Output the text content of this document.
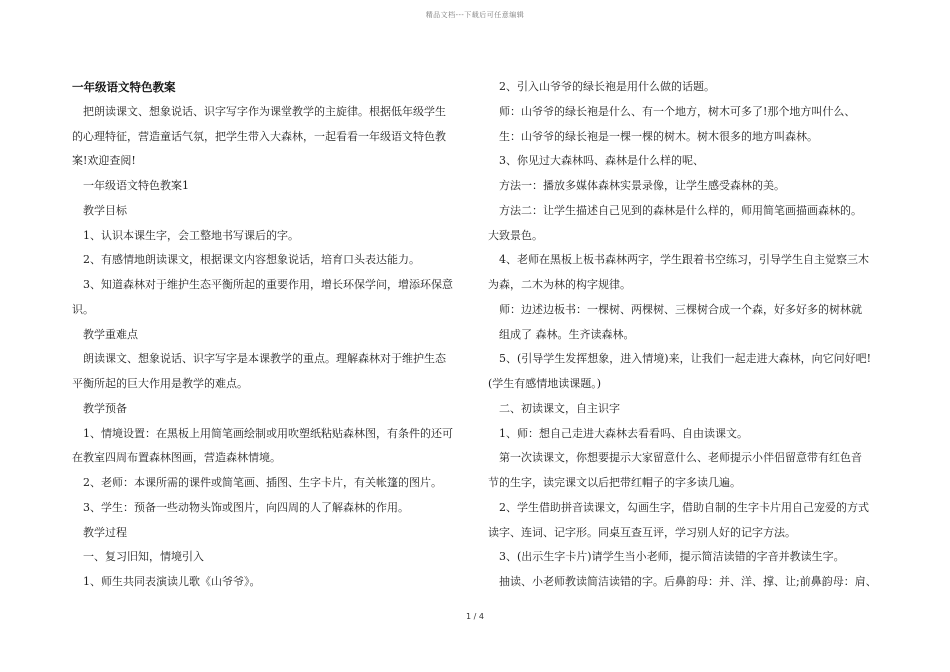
精品文档---下载后可任意编辑
一年级语文特色教案
把朗读课文、想象说话、识字写字作为课堂教学的主旋律。根据低年级学生
的心理特征，营造童话气氛，把学生带入大森林，一起看看一年级语文特色教
案!欢迎查阅!
一年级语文特色教案1
教学目标
1、认识本课生字，会工整地书写课后的字。
2、有感情地朗读课文，根据课文内容想象说话，培育口头表达能力。
3、知道森林对于维护生态平衡所起的重要作用，增长环保学问，增添环保意
识。
教学重难点
朗读课文、想象说话、识字写字是本课教学的重点。理解森林对于维护生态
平衡所起的巨大作用是教学的难点。
教学预备
1、情境设置：在黑板上用简笔画绘制或用吹塑纸粘贴森林图，有条件的还可
在教室四周布置森林图画，营造森林情境。
2、老师：本课所需的课件或简笔画、插图、生字卡片，有关帐篷的图片。
3、学生：预备一些动物头饰或图片，向四周的人了解森林的作用。
教学过程
一、复习旧知，情境引入
1、师生共同表演读儿歌《山爷爷》。
2、引入山爷爷的绿长袍是用什么做的话题。
师：山爷爷的绿长袍是什么、有一个地方，树木可多了!那个地方叫什么、
生：山爷爷的绿长袍是一棵一棵的树木。树木很多的地方叫森林。
3、你见过大森林吗、森林是什么样的呢、
方法一：播放多媒体森林实景录像，让学生感受森林的美。
方法二：让学生描述自己见到的森林是什么样的，师用简笔画描画森林的。
大致景色。
4、老师在黑板上板书森林两字，学生跟着书空练习，引导学生自主觉察三木
为森，二木为林的构字规律。
师：边述边板书：一棵树、两棵树、三棵树合成一个森，好多好多的树林就
组成了 森林。生齐读森林。
5、(引导学生发挥想象，进入情境)来，让我们一起走进大森林，向它问好吧!
(学生有感情地读课题。)
二、初读课文，自主识字
1、师：想自己走进大森林去看看吗、自由读课文。
第一次读课文，你想要提示大家留意什么、老师提示小伴侣留意带有红色音
节的生字，读完课文以后把带红帽子的字多读几遍。
2、学生借助拼音读课文，勾画生字，借助自制的生字卡片用自己宠爱的方式
读字、连词、记字形。同桌互查互评，学习别人好的记字方法。
3、(出示生字卡片)请学生当小老师，提示简洁读错的字音并教读生字。
抽读、小老师教读简洁读错的字。后鼻韵母：并、洋、撑、让;前鼻韵母：肩、
1 / 4
